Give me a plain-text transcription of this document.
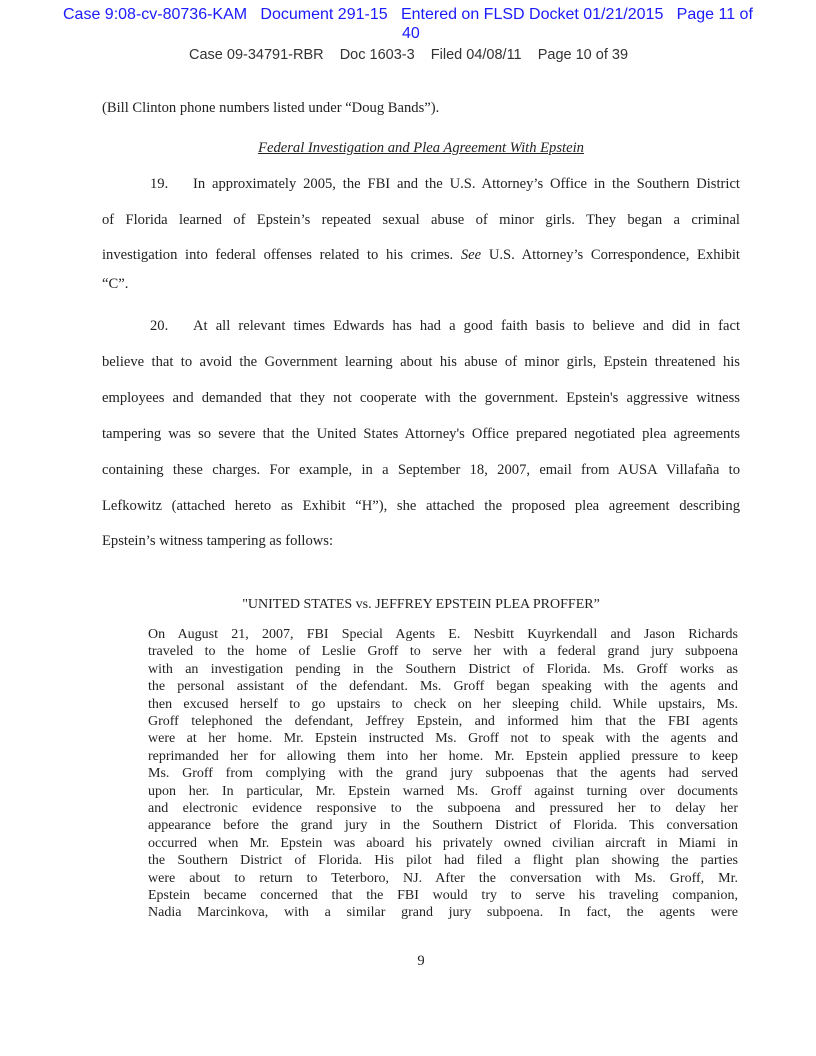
Case 9:08-cv-80736-KAM   Document 291-15   Entered on FLSD Docket 01/21/2015   Page 11 of
40
Case 09-34791-RBR    Doc 1603-3    Filed 04/08/11    Page 10 of 39
(Bill Clinton phone numbers listed under “Doug Bands”).
Federal Investigation and Plea Agreement With Epstein
19.	In approximately 2005, the FBI and the U.S. Attorney’s Office in the Southern District
of Florida learned of Epstein’s repeated sexual abuse of minor girls. They began a criminal
investigation into federal offenses related to his crimes. See U.S. Attorney’s Correspondence, Exhibit
“C”.
20.	At all relevant times Edwards has had a good faith basis to believe and did in fact
believe that to avoid the Government learning about his abuse of minor girls, Epstein threatened his
employees and demanded that they not cooperate with the government. Epstein's aggressive witness
tampering was so severe that the United States Attorney's Office prepared negotiated plea agreements
containing these charges. For example, in a September 18, 2007, email from AUSA Villafaña to
Lefkowitz (attached hereto as Exhibit “H”), she attached the proposed plea agreement describing
Epstein’s witness tampering as follows:
"UNITED STATES vs. JEFFREY EPSTEIN PLEA PROFFER”
On August 21, 2007, FBI Special Agents E. Nesbitt Kuyrkendall and Jason Richards
traveled to the home of Leslie Groff to serve her with a federal grand jury subpoena
with an investigation pending in the Southern District of Florida. Ms. Groff works as
the personal assistant of the defendant. Ms. Groff began speaking with the agents and
then excused herself to go upstairs to check on her sleeping child. While upstairs, Ms.
Groff telephoned the defendant, Jeffrey Epstein, and informed him that the FBI agents
were at her home. Mr. Epstein instructed Ms. Groff not to speak with the agents and
reprimanded her for allowing them into her home. Mr. Epstein applied pressure to keep
Ms. Groff from complying with the grand jury subpoenas that the agents had served
upon her. In particular, Mr. Epstein warned Ms. Groff against turning over documents
and electronic evidence responsive to the subpoena and pressured her to delay her
appearance before the grand jury in the Southern District of Florida. This conversation
occurred when Mr. Epstein was aboard his privately owned civilian aircraft in Miami in
the Southern District of Florida. His pilot had filed a flight plan showing the parties
were about to return to Teterboro, NJ. After the conversation with Ms. Groff, Mr.
Epstein became concerned that the FBI would try to serve his traveling companion,
Nadia Marcinkova, with a similar grand jury subpoena. In fact, the agents were
9
